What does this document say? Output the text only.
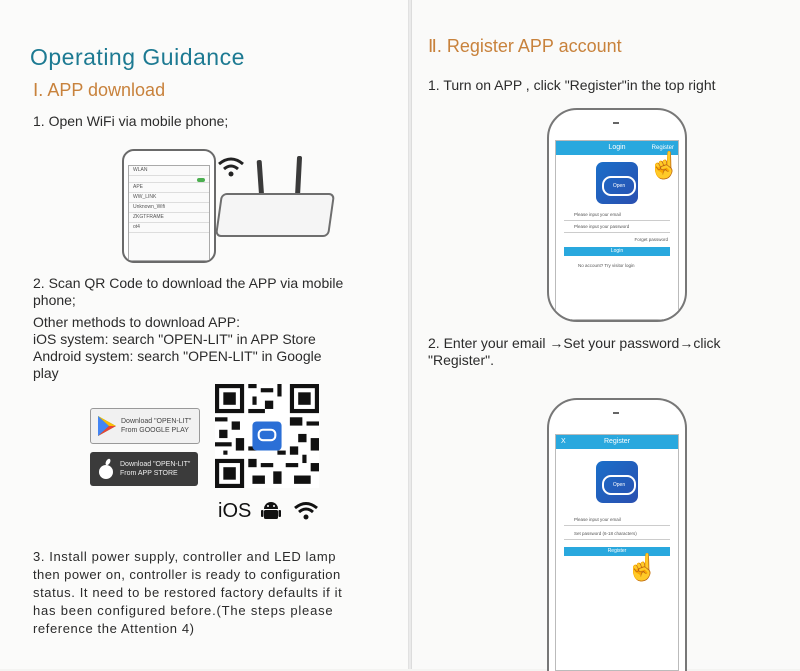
Operating Guidance
Ⅰ. APP download
1. Open WiFi via mobile phone;
WLAN
APE
WW_LINK
Unknown_Wifi
ZKGTFRAME
ot4
2. Scan QR Code to download the APP via mobile
phone;
Other methods to download APP:
iOS system: search "OPEN-LIT" in APP Store
Android system: search "OPEN-LIT" in Google
play
Download "OPEN-LIT" From GOOGLE PLAY
Download "OPEN-LIT" From APP STORE
iOS
3. Install power supply, controller and LED lamp
then power on, controller is ready to configuration
status. It need to be restored factory defaults if it
has been configured before.(The steps please
reference the Attention 4)
Ⅱ. Register APP account
1. Turn on APP , click "Register"in the top right
Login	Register
Open
Please input your email
Please input your password
Forget password
Login
No account? Try visitor login
☝
2. Enter your email →Set your password→click
"Register".
X	Register
Open
Please input your email
Set password (6-18 characters)
Register
☝
